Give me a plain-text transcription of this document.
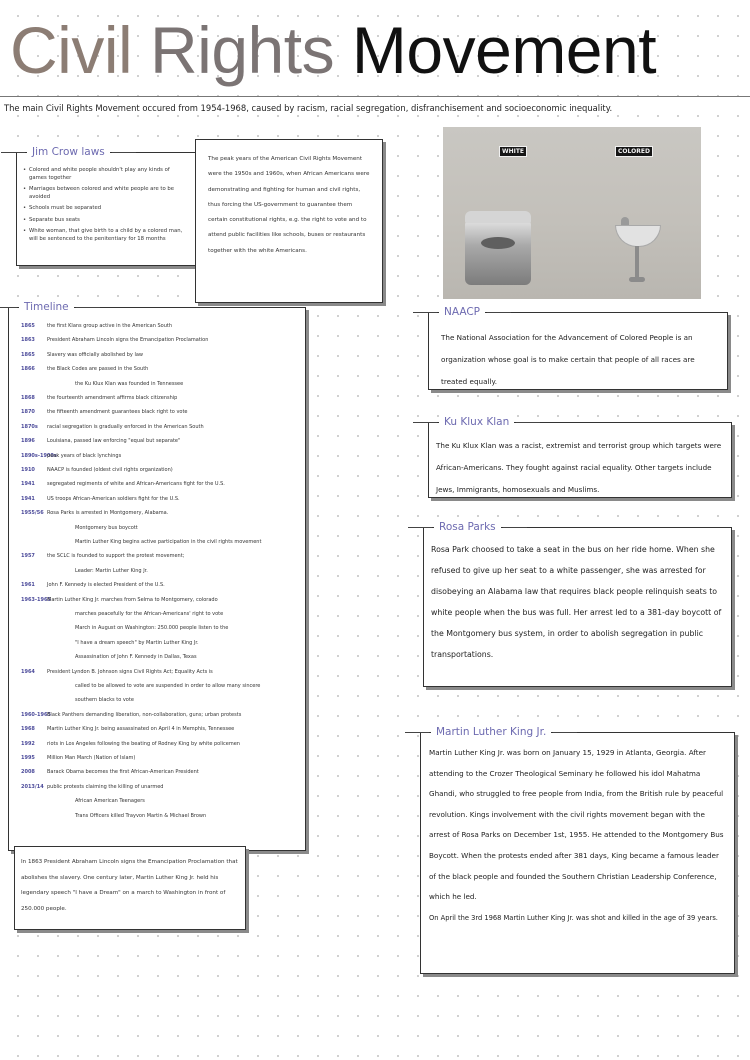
Civil Rights Movement
The main Civil Rights Movement occured from 1954-1968, caused by racism, racial segregation, disfranchisement and socioeconomic inequality.
Jim Crow laws
• Colored and white people shouldn't play any kinds of games together
• Marriages between colored and white people are to be avoided
• Schools must be separated
• Separate bus seats
• White woman, that give birth to a child by a colored man, will be sentenced to the penitentiary for 18 months

The peak years of the American Civil Rights Movement were the 1950s and 1960s, when African Americans were demonstrating and fighting for human and civil rights, thus forcing the US-government to guarantee them certain constitutional rights, e.g. the right to vote and to attend public facilities like schools, buses or restaurants together with the white Americans.

Timeline
1865 the first Klans group active in the American South
1863 President Abraham Lincoln signs the Emancipation Proclamation
1865 Slavery was officially abolished by law
1866 the Black Codes are passed in the South
the Ku Klux Klan was founded in Tennessee
1868 the fourteenth amendment affirms black citizenship
1870 the fifteenth amendment guarantees black right to vote
1870s racial segregation is gradually enforced in the American South
1896 Louisiana, passed law enforcing "equal but separate"
1890s-1900speak years of black lynchings
1910 NAACP is founded (oldest civil rights organization)
1941 segregated regiments of white and African-Americans fight for the U.S.
1941 US troops African-American soldiers fight for the U.S.
1955/56 Rosa Parks is arrested in Montgomery, Alabama.
Montgomery bus boycott
Martin Luther King begins active participation in the civil rights movement
1957 the SCLC is founded to support the protest movement;
Leader: Martin Luther King Jr.
1961 John F. Kennedy is elected President of the U.S.
1963-1965Martin Luther King Jr. marches from Selma to Montgomery, colorado
marches peacefully for the African-Americans' right to vote
March in August on Washington: 250.000 people listen to the
"I have a dream speech" by Martin Luther King Jr.
Assassination of John F. Kennedy in Dallas, Texas
1964 President Lyndon B. Johnson signs Civil Rights Act; Equality Acts is
called to be allowed to vote are suspended in order to allow many sincere
southern blacks to vote
1960-1965Black Panthers demanding liberation, non-collaboration, guns; urban protests
1968 Martin Luther King Jr. being assassinated on April 4 in Memphis, Tennessee
1992 riots in Los Angeles following the beating of Rodney King by white policemen
1995 Million Man March (Nation of Islam)
2008 Barack Obama becomes the first African-American President
2013/14 public protests claiming the killing of unarmed
African American Teenagers
Trans Officers killed Trayvon Martin & Michael Brown

In 1863 President Abraham Lincoln signs the Emancipation Proclamation that abolishes the slavery. One century later, Martin Luther King Jr. held his legendary speech "I have a Dream" on a march to Washington in front of 250.000 people.

WHITE	COLORED
NAACP

The National Association for the Advancement of Colored People is an organization whose goal is to make certain that people of all races are treated equally.

Ku Klux Klan

The Ku Klux Klan was a racist, extremist and terrorist group which targets were African-Americans. They fought against racial equality. Other targets include Jews, Immigrants, homosexuals and Muslims.

Rosa Parks

Rosa Park choosed to take a seat in the bus on her ride home. When she refused to give up her seat to a white passenger, she was arrested for disobeying an Alabama law that requires black people relinquish seats to white people when the bus was full. Her arrest led to a 381-day boycott of the Montgomery bus system, in order to abolish segregation in public transportations.

Martin Luther King Jr.

Martin Luther King Jr. was born on January 15, 1929 in Atlanta, Georgia. After attending to the Crozer Theological Seminary he followed his idol Mahatma Ghandi, who struggled to free people from India, from the British rule by peaceful revolution. Kings involvement with the civil rights movement began with the arrest of Rosa Parks on December 1st, 1955. He attended to the Montgomery Bus Boycott. When the protests ended after 381 days, King became a famous leader of the black people and founded the Southern Christian Leadership Conference, which he led.

On April the 3rd 1968 Martin Luther King Jr. was shot and killed in the age of 39 years.
